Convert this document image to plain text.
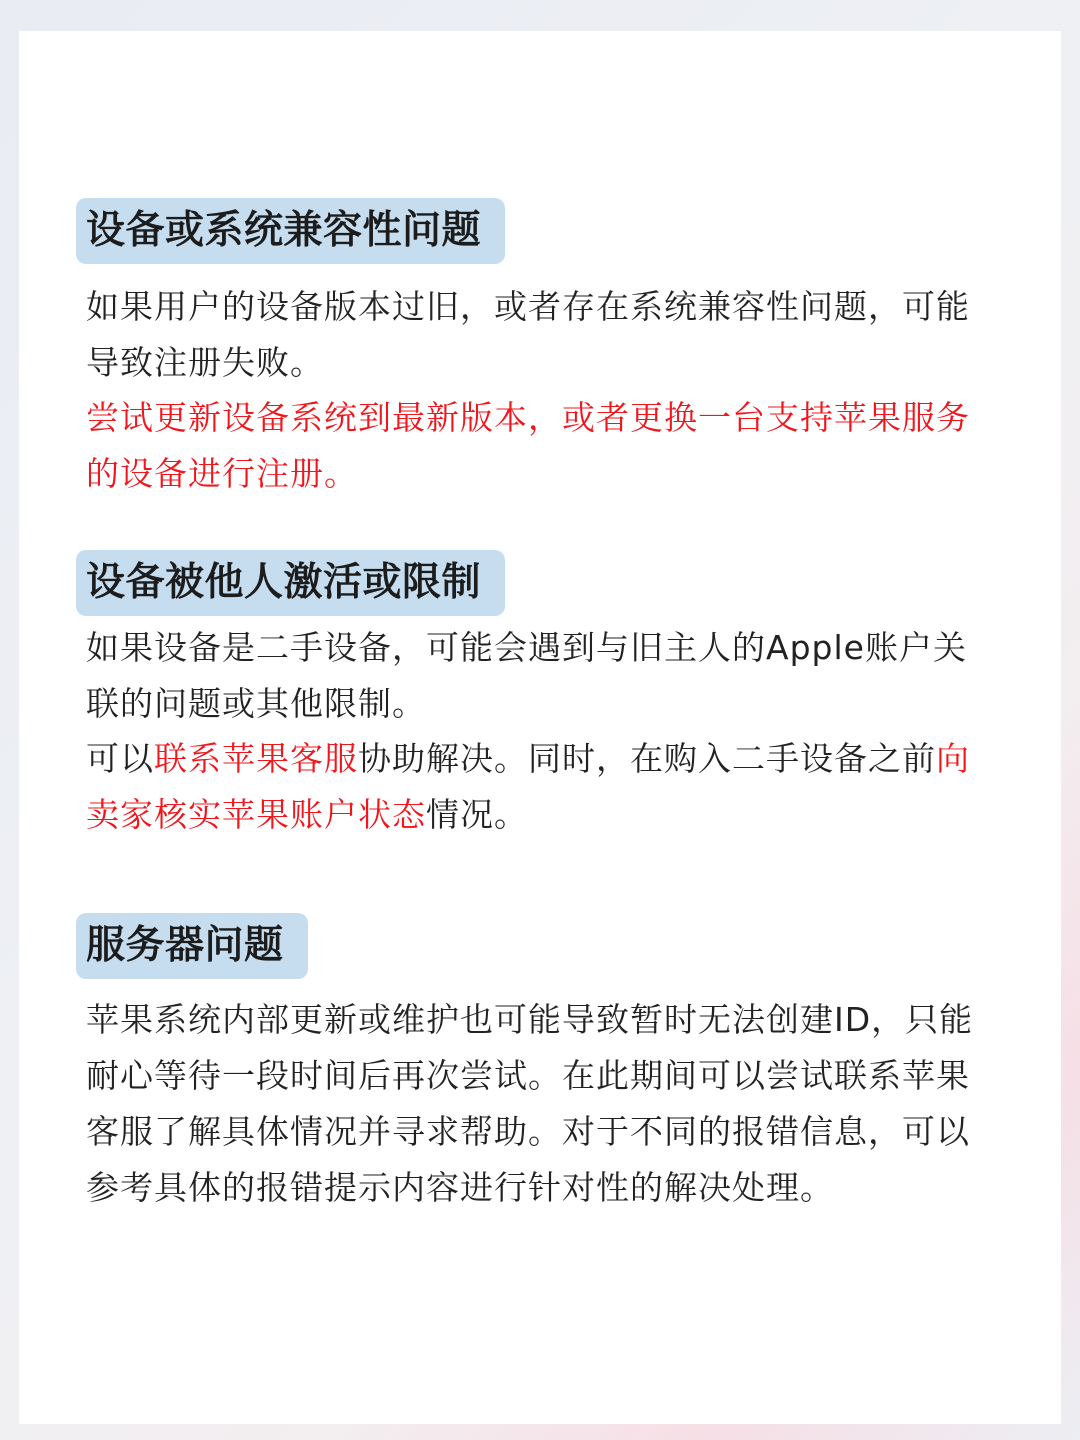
设备或系统兼容性问题
如果用户的设备版本过旧，或者存在系统兼容性问题，可能导致注册失败。
尝试更新设备系统到最新版本，或者更换一台支持苹果服务的设备进行注册。
设备被他人激活或限制
如果设备是二手设备，可能会遇到与旧主人的Apple账户关联的问题或其他限制。
可以联系苹果客服协助解决。同时，在购入二手设备之前向卖家核实苹果账户状态情况。
服务器问题
苹果系统内部更新或维护也可能导致暂时无法创建ID，只能耐心等待一段时间后再次尝试。在此期间可以尝试联系苹果客服了解具体情况并寻求帮助。对于不同的报错信息，可以参考具体的报错提示内容进行针对性的解决处理。
